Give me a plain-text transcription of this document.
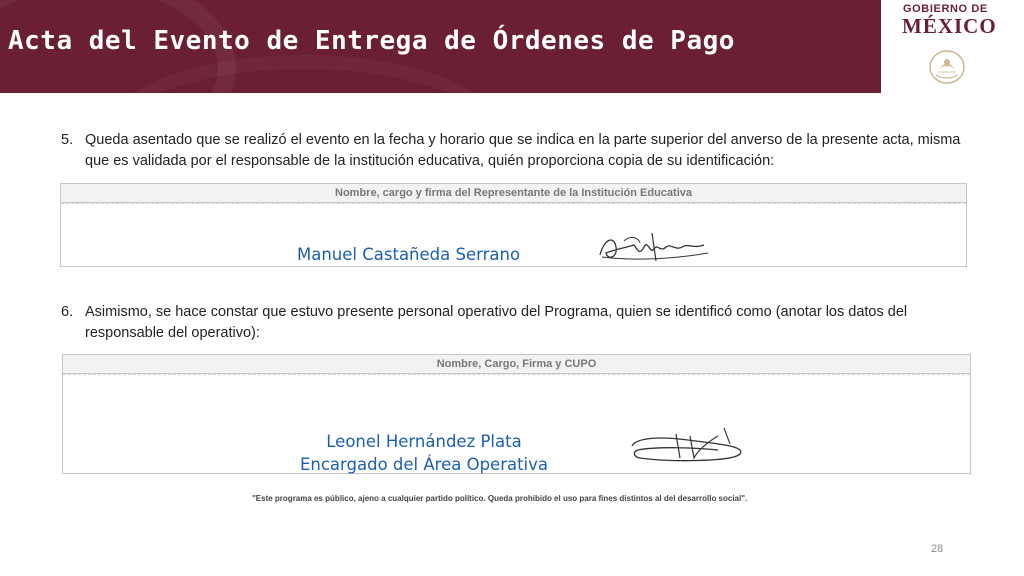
Acta del Evento de Entrega de Órdenes de Pago
GOBIERNO DE
MÉXICO
5. Queda asentado que se realizó el evento en la fecha y horario que se indica en la parte superior del anverso de la presente acta, misma que es validada por el responsable de la institución educativa, quién proporciona copia de su identificación:
Nombre, cargo y firma del Representante de la Institución Educativa
Manuel Castañeda Serrano
6. Asimismo, se hace constar que estuvo presente personal operativo del Programa, quien se identificó como (anotar los datos del responsable del operativo):
Nombre, Cargo, Firma y CUPO
Leonel Hernández Plata
Encargado del Área Operativa
"Este programa es público, ajeno a cualquier partido político. Queda prohibido el uso para fines distintos al del desarrollo social".
28
